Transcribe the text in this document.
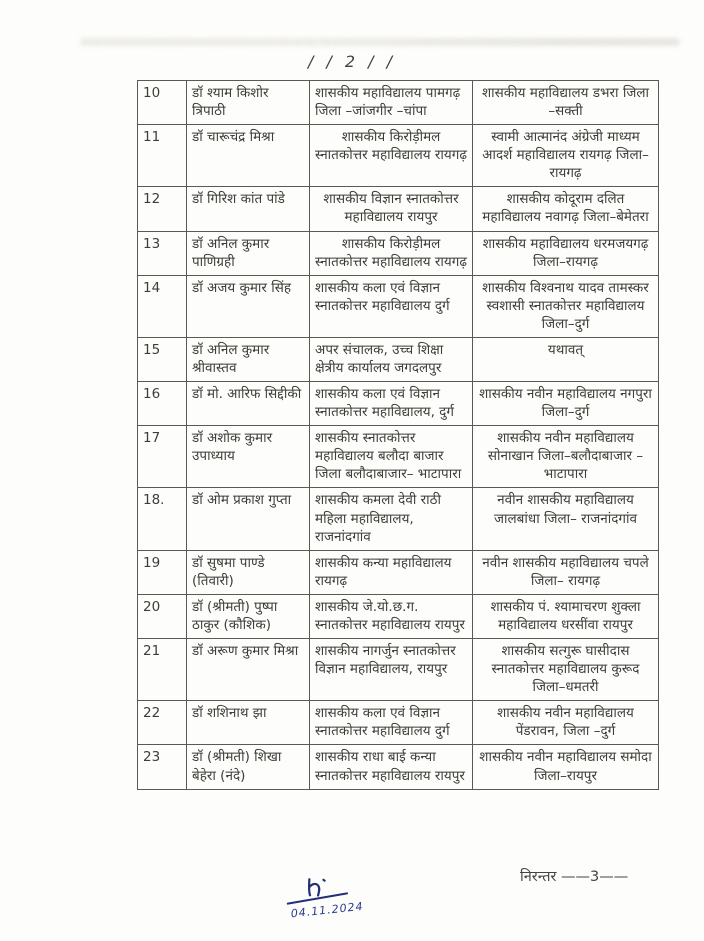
/ / 2 / /
10	डॉ श्याम किशोर त्रिपाठी	शासकीय महाविद्यालय पामगढ़ जिला –जांजगीर –चांपा	शासकीय महाविद्यालय डभरा जिला –सक्ती
11	डॉ चारूचंद्र मिश्रा	शासकीय किरोड़ीमल स्नातकोत्तर महाविद्यालय रायगढ़	स्वामी आत्मानंद अंग्रेजी माध्यम आदर्श महाविद्यालय रायगढ़ जिला– रायगढ़
12	डॉ गिरिश कांत पांडे	शासकीय विज्ञान स्नातकोत्तर महाविद्यालय रायपुर	शासकीय कोदूराम दलित महाविद्यालय नवागढ़ जिला–बेमेतरा
13	डॉ अनिल कुमार पाणिग्रही	शासकीय किरोड़ीमल स्नातकोत्तर महाविद्यालय रायगढ़	शासकीय महाविद्यालय धरमजयगढ़ जिला–रायगढ़
14	डॉ अजय कुमार सिंह	शासकीय कला एवं विज्ञान स्नातकोत्तर महाविद्यालय दुर्ग	शासकीय विश्वनाथ यादव तामस्कर स्वशासी स्नातकोत्तर महाविद्यालय जिला–दुर्ग
15	डॉ अनिल कुमार श्रीवास्तव	अपर संचालक, उच्च शिक्षा क्षेत्रीय कार्यालय जगदलपुर	यथावत्
16	डॉ मो. आरिफ सिद्दीकी	शासकीय कला एवं विज्ञान स्नातकोत्तर महाविद्यालय, दुर्ग	शासकीय नवीन महाविद्यालय नगपुरा जिला–दुर्ग
17	डॉ अशोक कुमार उपाध्याय	शासकीय स्नातकोत्तर महाविद्यालय बलौदा बाजार जिला बलौदाबाजार– भाटापारा	शासकीय नवीन महाविद्यालय सोनाखान जिला–बलौदाबाजार – भाटापारा
18.	डॉ ओम प्रकाश गुप्ता	शासकीय कमला देवी राठी महिला महाविद्यालय, राजनांदगांव	नवीन शासकीय महाविद्यालय जालबांधा जिला– राजनांदगांव
19	डॉ सुषमा पाण्डे (तिवारी)	शासकीय कन्या महाविद्यालय रायगढ़	नवीन शासकीय महाविद्यालय चपले जिला– रायगढ़
20	डॉ (श्रीमती) पुष्पा ठाकुर (कौशिक)	शासकीय जे.यो.छ.ग. स्नातकोत्तर महाविद्यालय रायपुर	शासकीय पं. श्यामाचरण शुक्ला महाविद्यालय धरसींवा रायपुर
21	डॉ अरूण कुमार मिश्रा	शासकीय नागर्जुन स्नातकोत्तर विज्ञान महाविद्यालय, रायपुर	शासकीय सत्गुरू घासीदास स्नातकोत्तर महाविद्यालय कुरूद जिला–धमतरी
22	डॉ शशिनाथ झा	शासकीय कला एवं विज्ञान स्नातकोत्तर महाविद्यालय दुर्ग	शासकीय नवीन महाविद्यालय पेंडरावन, जिला –दुर्ग
23	डॉ (श्रीमती) शिखा बेहेरा (नंदे)	शासकीय राधा बाई कन्या स्नातकोत्तर महाविद्यालय रायपुर	शासकीय नवीन महाविद्यालय समोदा जिला–रायपुर
निरन्तर ——3——
04.11.2024
